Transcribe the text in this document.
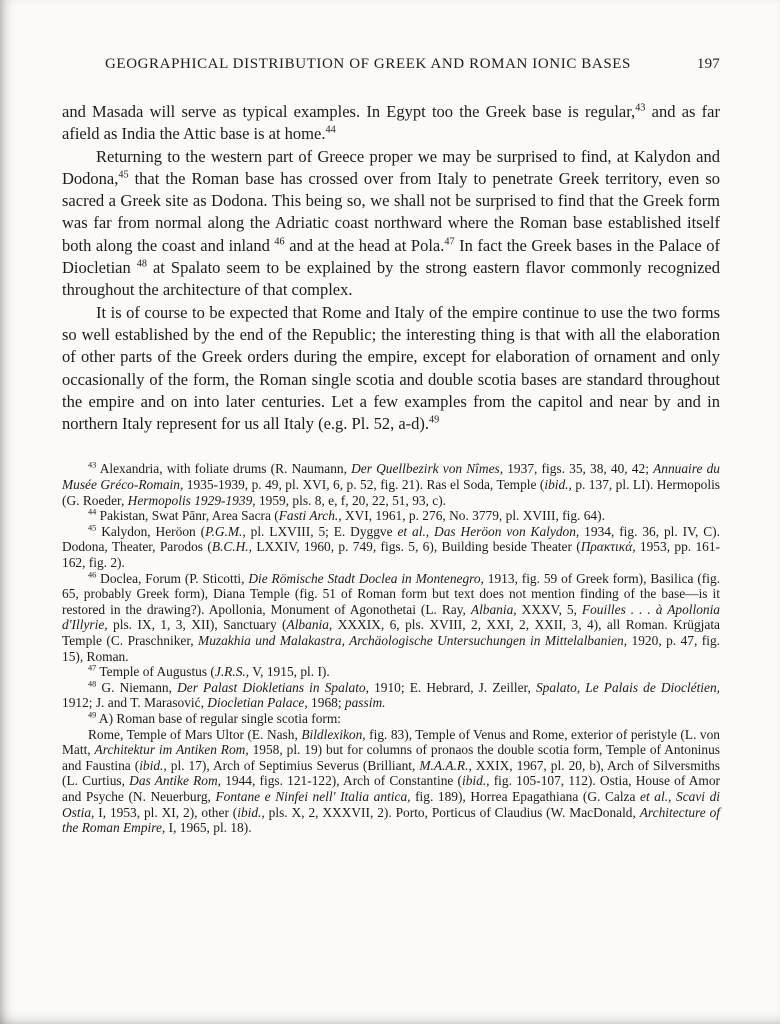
GEOGRAPHICAL DISTRIBUTION OF GREEK AND ROMAN IONIC BASES	197

and Masada will serve as typical examples. In Egypt too the Greek base is regular,$^{43}$ and as far afield as India the Attic base is at home.$^{44}$

Returning to the western part of Greece proper we may be surprised to find, at Kalydon and Dodona,$^{45}$ that the Roman base has crossed over from Italy to penetrate Greek territory, even so sacred a Greek site as Dodona. This being so, we shall not be surprised to find that the Greek form was far from normal along the Adriatic coast northward where the Roman base established itself both along the coast and inland $^{46}$ and at the head at Pola.$^{47}$ In fact the Greek bases in the Palace of Diocletian $^{48}$ at Spalato seem to be explained by the strong eastern flavor commonly recognized throughout the architecture of that complex.

It is of course to be expected that Rome and Italy of the empire continue to use the two forms so well established by the end of the Republic; the interesting thing is that with all the elaboration of other parts of the Greek orders during the empire, except for elaboration of ornament and only occasionally of the form, the Roman single scotia and double scotia bases are standard throughout the empire and on into later centuries. Let a few examples from the capitol and near by and in northern Italy represent for us all Italy (e.g. Pl. 52, a-d).$^{49}$

$^{43}$ Alexandria, with foliate drums (R. Naumann, Der Quellbezirk von Nîmes, 1937, figs. 35, 38, 40, 42; Annuaire du Musée Gréco-Romain, 1935-1939, p. 49, pl. XVI, 6, p. 52, fig. 21). Ras el Soda, Temple (ibid., p. 137, pl. LI). Hermopolis (G. Roeder, Hermopolis 1929-1939, 1959, pls. 8, e, f, 20, 22, 51, 93, c).

$^{44}$ Pakistan, Swat Pānr, Area Sacra (Fasti Arch., XVI, 1961, p. 276, No. 3779, pl. XVIII, fig. 64).

$^{45}$ Kalydon, Heröon (P.G.M., pl. LXVIII, 5; E. Dyggve et al., Das Heröon von Kalydon, 1934, fig. 36, pl. IV, C). Dodona, Theater, Parodos (B.C.H., LXXIV, 1960, p. 749, figs. 5, 6), Building beside Theater (Πρακτικά, 1953, pp. 161-162, fig. 2).

$^{46}$ Doclea, Forum (P. Sticotti, Die Römische Stadt Doclea in Montenegro, 1913, fig. 59 of Greek form), Basilica (fig. 65, probably Greek form), Diana Temple (fig. 51 of Roman form but text does not mention finding of the base—is it restored in the drawing?). Apollonia, Monument of Agonothetai (L. Ray, Albania, XXXV, 5, Fouilles . . . à Apollonia d'Illyrie, pls. IX, 1, 3, XII), Sanctuary (Albania, XXXIX, 6, pls. XVIII, 2, XXI, 2, XXII, 3, 4), all Roman. Krügjata Temple (C. Praschniker, Muzakhia und Malakastra, Archäologische Untersuchungen in Mittelalbanien, 1920, p. 47, fig. 15), Roman.

$^{47}$ Temple of Augustus (J.R.S., V, 1915, pl. I).

$^{48}$ G. Niemann, Der Palast Diokletians in Spalato, 1910; E. Hebrard, J. Zeiller, Spalato, Le Palais de Dioclétien, 1912; J. and T. Marasović, Diocletian Palace, 1968; passim.

$^{49}$ A) Roman base of regular single scotia form:

Rome, Temple of Mars Ultor (E. Nash, Bildlexikon, fig. 83), Temple of Venus and Rome, exterior of peristyle (L. von Matt, Architektur im Antiken Rom, 1958, pl. 19) but for columns of pronaos the double scotia form, Temple of Antoninus and Faustina (ibid., pl. 17), Arch of Septimius Severus (Brilliant, M.A.A.R., XXIX, 1967, pl. 20, b), Arch of Silversmiths (L. Curtius, Das Antike Rom, 1944, figs. 121-122), Arch of Constantine (ibid., fig. 105-107, 112). Ostia, House of Amor and Psyche (N. Neuerburg, Fontane e Ninfei nell' Italia antica, fig. 189), Horrea Epagathiana (G. Calza et al., Scavi di Ostia, I, 1953, pl. XI, 2), other (ibid., pls. X, 2, XXXVII, 2). Porto, Porticus of Claudius (W. MacDonald, Architecture of the Roman Empire, I, 1965, pl. 18).
